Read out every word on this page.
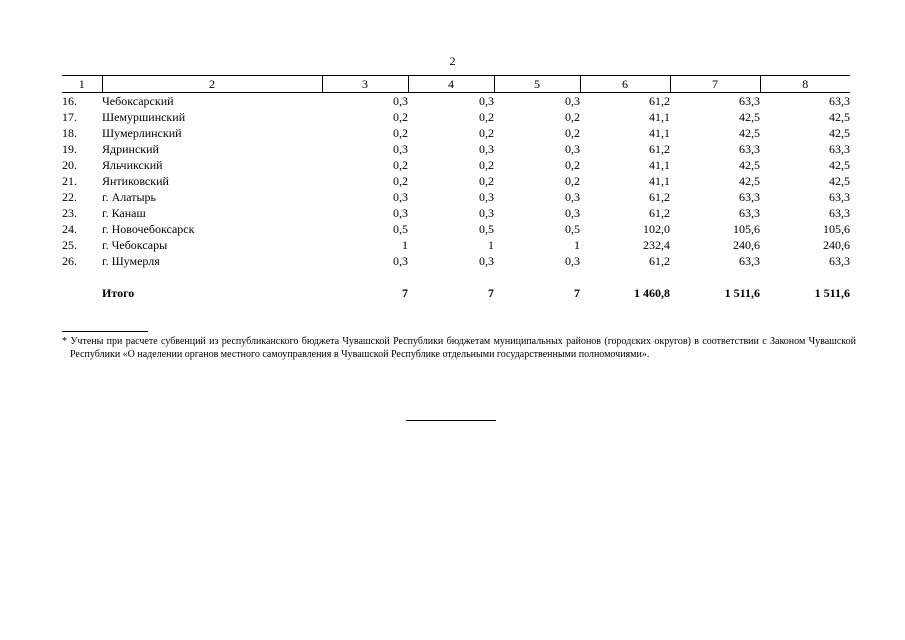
2
1	2	3	4	5	6	7	8
16.	Чебоксарский	0,3	0,3	0,3	61,2	63,3	63,3
17.	Шемуршинский	0,2	0,2	0,2	41,1	42,5	42,5
18.	Шумерлинский	0,2	0,2	0,2	41,1	42,5	42,5
19.	Ядринский	0,3	0,3	0,3	61,2	63,3	63,3
20.	Яльчикский	0,2	0,2	0,2	41,1	42,5	42,5
21.	Янтиковский	0,2	0,2	0,2	41,1	42,5	42,5
22.	г. Алатырь	0,3	0,3	0,3	61,2	63,3	63,3
23.	г. Канаш	0,3	0,3	0,3	61,2	63,3	63,3
24.	г. Новочебоксарск	0,5	0,5	0,5	102,0	105,6	105,6
25.	г. Чебоксары	1	1	1	232,4	240,6	240,6
26.	г. Шумерля	0,3	0,3	0,3	61,2	63,3	63,3

	Итого	7	7	7	1 460,8	1 511,6	1 511,6
* Учтены при расчете субвенций из республиканского бюджета Чувашской Республики бюджетам муниципальных районов (городских округов) в соответствии с Законом Чувашской Республики «О наделении органов местного самоуправления в Чувашской Республике отдельными государственными полномочиями».
